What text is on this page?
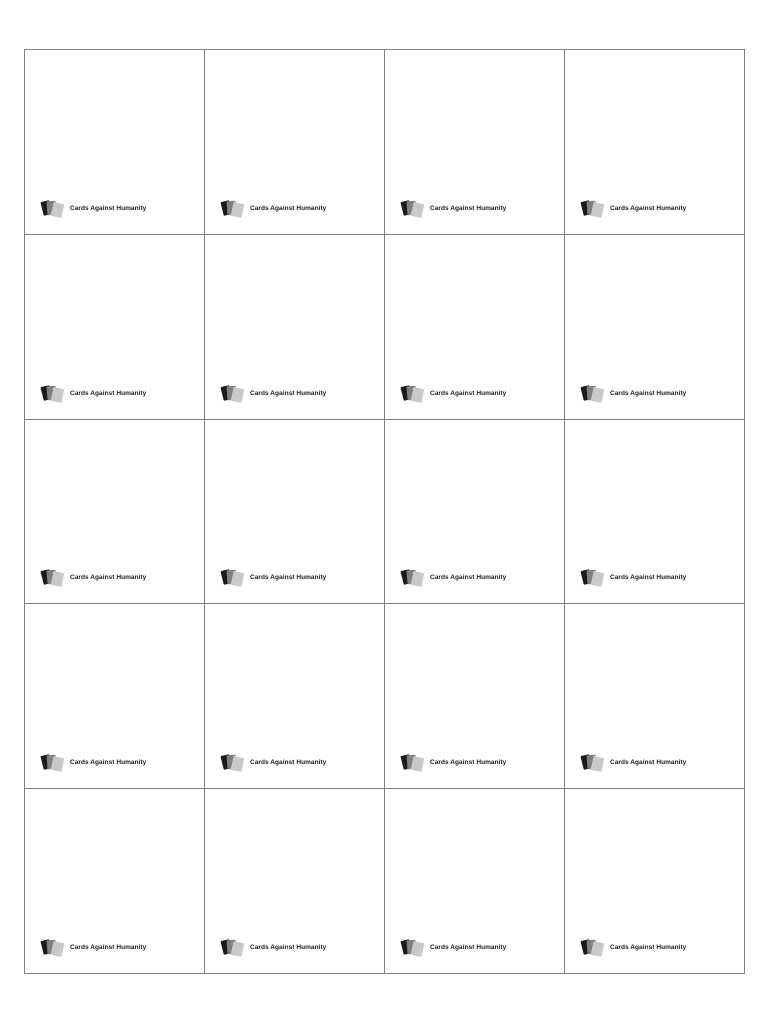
Cards Against Humanity	Cards Against Humanity	Cards Against Humanity	Cards Against Humanity
Cards Against Humanity	Cards Against Humanity	Cards Against Humanity	Cards Against Humanity
Cards Against Humanity	Cards Against Humanity	Cards Against Humanity	Cards Against Humanity
Cards Against Humanity	Cards Against Humanity	Cards Against Humanity	Cards Against Humanity
Cards Against Humanity	Cards Against Humanity	Cards Against Humanity	Cards Against Humanity
